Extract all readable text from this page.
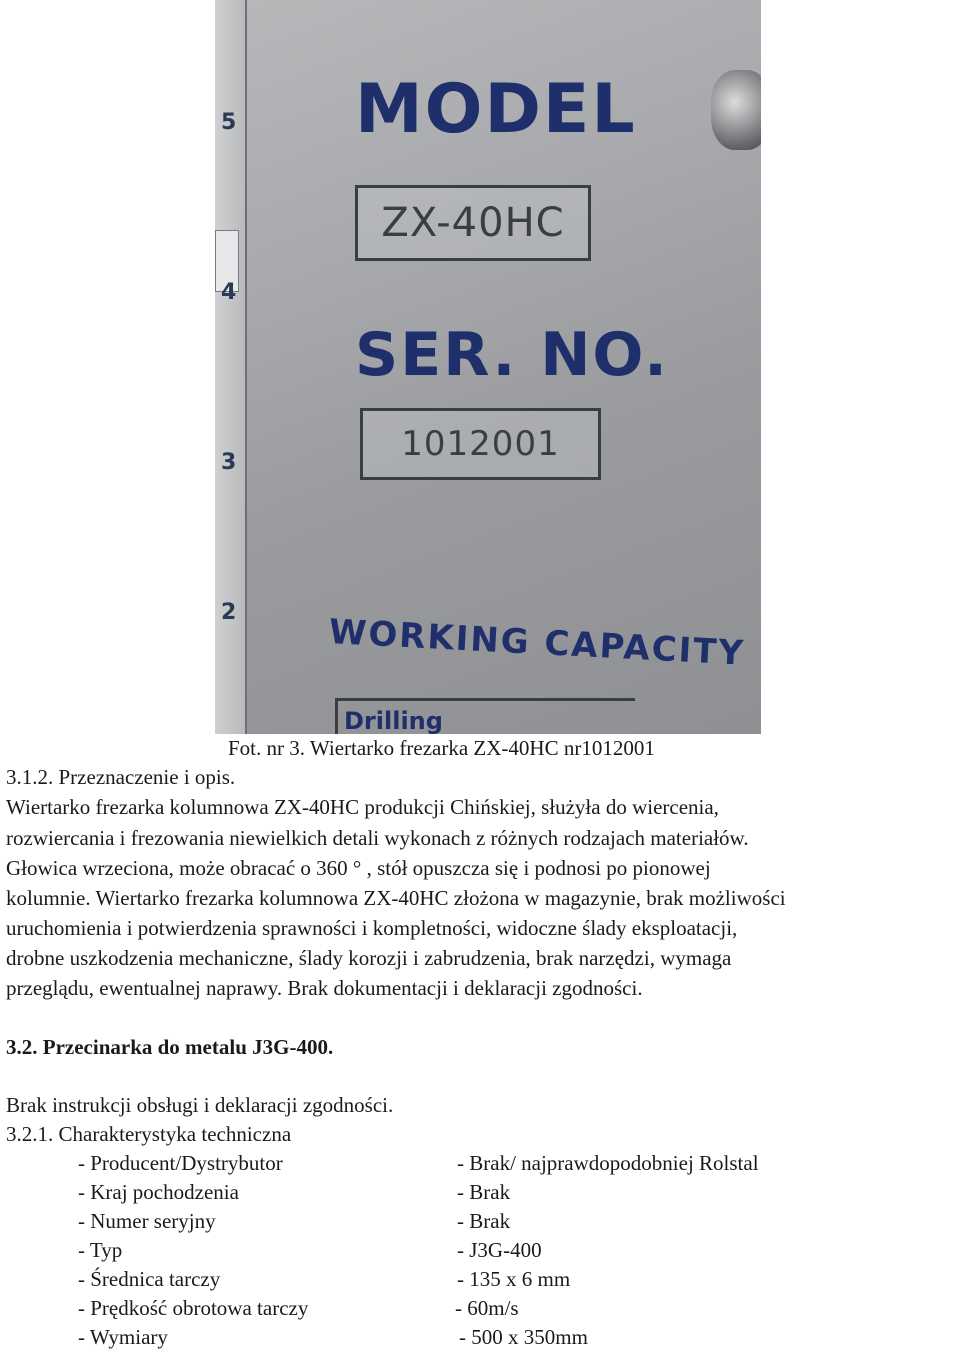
5
4
3
2
MODEL
ZX-40HC
SER. NO.
1012001
WORKING CAPACITY
Drilling
Fot. nr 3. Wiertarko frezarka ZX-40HC nr1012001
3.1.2. Przeznaczenie i opis.
Wiertarko frezarka kolumnowa ZX-40HC produkcji Chińskiej, służyła do wiercenia,
rozwiercania i frezowania niewielkich detali wykonach z różnych rodzajach materiałów.
Głowica wrzeciona, może obracać o 360 ° , stół opuszcza się i podnosi po pionowej
kolumnie. Wiertarko frezarka kolumnowa ZX-40HC złożona w magazynie, brak możliwości
uruchomienia i potwierdzenia sprawności i kompletności, widoczne ślady eksploatacji,
drobne uszkodzenia mechaniczne, ślady korozji i zabrudzenia, brak narzędzi, wymaga
przeglądu, ewentualnej naprawy. Brak dokumentacji i deklaracji zgodności.
3.2. Przecinarka do metalu J3G-400.
Brak instrukcji obsługi i deklaracji zgodności.
3.2.1. Charakterystyka techniczna
- Producent/Dystrybutor	- Brak/ najprawdopodobniej Rolstal
- Kraj pochodzenia	- Brak
- Numer seryjny	- Brak
- Typ	- J3G-400
- Średnica tarczy	- 135 x 6 mm
- Prędkość obrotowa tarczy	- 60m/s
- Wymiary	- 500 x 350mm
